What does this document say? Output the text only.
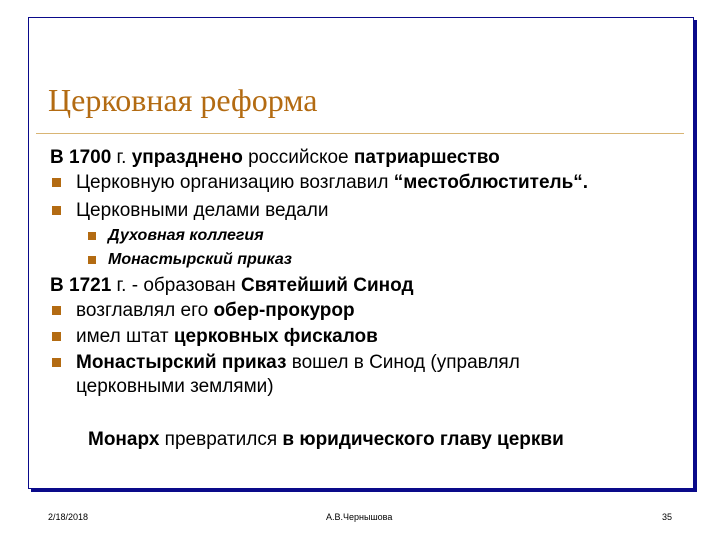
Церковная реформа
В 1700 г. упразднено российское патриаршество
Церковную организацию возглавил “местоблюститель“.
Церковными делами ведали
Духовная коллегия
Монастырский приказ
В 1721 г. - образован Святейший Синод
возглавлял его обер-прокурор
имел штат церковных фискалов
Монастырский приказ вошел в Синод (управлял
церковными землями)
Монарх превратился в юридического главу церкви
2/18/2018	А.В.Чернышова	35
